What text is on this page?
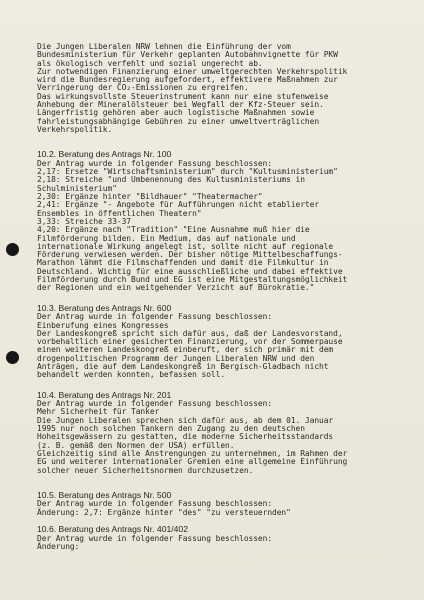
Die Jungen Liberalen NRW lehnen die Einführung der vom
Bundesministerium für Verkehr geplanten Autobahnvignette für PKW
als ökologisch verfehlt und sozial ungerecht ab.
Zur notwendigen Finanzierung einer umweltgerechten Verkehrspolitik
wird die Bundesregierung aufgefordert, effektivere Maßnahmen zur
Verringerung der CO₂-Emissionen zu ergreifen.
Das wirkungsvollste Steuerinstrument kann nur eine stufenweise
Anhebung der Mineralölsteuer bei Wegfall der Kfz-Steuer sein.
Längerfristig gehören aber auch logistische Maßnahmen sowie
fahrleistungsabhängige Gebühren zu einer umweltverträglichen
Verkehrspolitik.
10.2. Beratung des Antrags Nr. 100
Der Antrag wurde in folgender Fassung beschlossen:
2,17: Ersetze "Wirtschaftsministerium" durch "Kultusministerium"
2,18: Streiche "und Umbenennung des Kultusministeriums in
Schulministerium"
2,30: Ergänze hinter "Bildhauer" "Theatermacher"
2,41: Ergänze "- Angebote für Aufführungen nicht etablierter
Ensembles in öffentlichen Theatern"
3,33: Streiche 33-37
4,20: Ergänze nach "Tradition" "Eine Ausnahme muß hier die
Filmförderung bilden. Ein Medium, das auf nationale und
internationale Wirkung angelegt ist, sollte nicht auf regionale
Förderung verwiesen werden. Der bisher nötige Mittelbeschaffungs-
Marathon lähmt die Filmschaffenden und damit die Filmkultur in
Deutschland. Wichtig für eine ausschließliche und dabei effektive
Filmförderung durch Bund und EG ist eine Mitgestaltungsmöglichkeit
der Regionen und ein weitgehender Verzicht auf Bürokratie."
10.3. Beratung des Antrags Nr. 600
Der Antrag wurde in folgender Fassung beschlossen:
Einberufung eines Kongresses
Der Landeskongreß spricht sich dafür aus, daß der Landesvorstand,
vorbehaltlich einer gesicherten Finanzierung, vor der Sommerpause
einen weiteren Landeskongreß einberuft, der sich primär mit dem
drogenpolitischen Programm der Jungen Liberalen NRW und den
Anträgen, die auf dem Landeskongreß in Bergisch-Gladbach nicht
behandelt werden konnten, befassen soll.
10.4. Beratung des Antrags Nr. 201
Der Antrag wurde in folgender Fassung beschlossen:
Mehr Sicherheit für Tanker
Die Jungen Liberalen sprechen sich dafür aus, ab dem 01. Januar
1995 nur noch solchen Tankern den Zugang zu den deutschen
Hoheitsgewässern zu gestatten, die moderne Sicherheitsstandards
(z. B. gemäß den Normen der USA) erfüllen.
Gleichzeitig sind alle Anstrengungen zu unternehmen, im Rahmen der
EG und weiterer internationaler Gremien eine allgemeine Einführung
solcher neuer Sicherheitsnormen durchzusetzen.
10.5. Beratung des Antrags Nr. 500
Der Antrag wurde in folgender Fassung beschlossen:
Änderung: 2,7: Ergänze hinter "des" "zu versteuernden"
10.6. Beratung des Antrags Nr. 401/402
Der Antrag wurde in folgender Fassung beschlossen:
Änderung:
